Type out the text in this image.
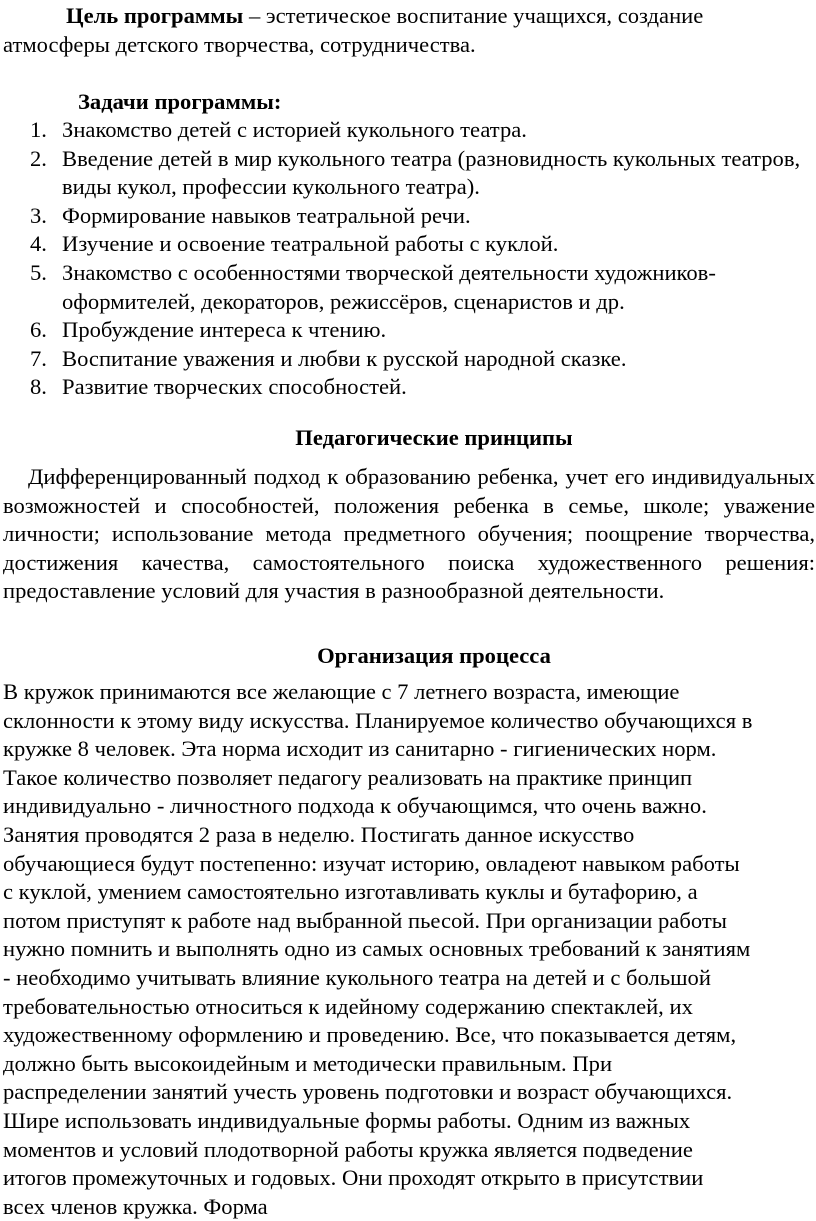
Цель программы – эстетическое воспитание учащихся, создание

атмосферы детского творчества, сотрудничества.

Задачи программы:
1. Знакомство детей с историей кукольного театра.
2. Введение детей в мир кукольного театра (разновидность кукольных театров, виды кукол, профессии кукольного театра).
3. Формирование навыков театральной речи.
4. Изучение и освоение театральной работы с куклой.
5. Знакомство с особенностями творческой деятельности художников-оформителей, декораторов, режиссёров, сценаристов и др.
6. Пробуждение интереса к чтению.
7. Воспитание уважения и любви к русской народной сказке.
8. Развитие творческих способностей.
Педагогические принципы

Дифференцированный подход к образованию ребенка, учет его индивидуальных возможностей и способностей, положения ребенка в семье, школе; уважение личности; использование метода предметного обучения; поощрение творчества, достижения качества, самостоятельного поиска художественного решения: предоставление условий для участия в разнообразной деятельности.

Организация процесса
В кружок принимаются все желающие с 7 летнего возраста, имеющие
склонности к этому виду искусства. Планируемое количество обучающихся в
кружке 8 человек. Эта норма исходит из санитарно - гигиенических норм.
Такое количество позволяет педагогу реализовать на практике принцип
индивидуально - личностного подхода к обучающимся, что очень важно.
Занятия проводятся 2 раза в неделю. Постигать данное искусство
обучающиеся будут постепенно: изучат историю, овладеют навыком работы
с куклой, умением самостоятельно изготавливать куклы и бутафорию, а
потом приступят к работе над выбранной пьесой. При организации работы
нужно помнить и выполнять одно из самых основных требований к занятиям
- необходимо учитывать влияние кукольного театра на детей и с большой
требовательностью относиться к идейному содержанию спектаклей, их
художественному оформлению и проведению. Все, что показывается детям,
должно быть высокоидейным и методически правильным. При
распределении занятий учесть уровень подготовки и возраст обучающихся.
Шире использовать индивидуальные формы работы. Одним из важных
моментов и условий плодотворной работы кружка является подведение
итогов промежуточных и годовых. Они проходят открыто в присутствии
всех членов кружка. Форма
